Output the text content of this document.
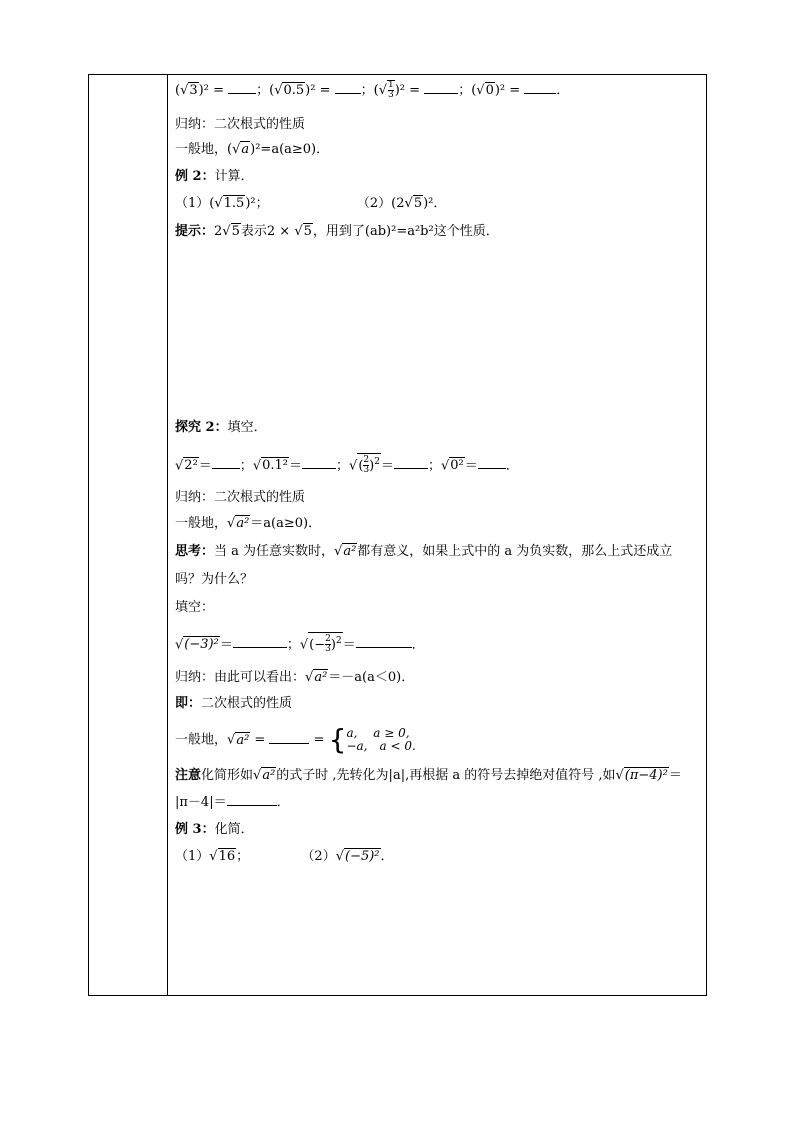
(√3)² = ；(√0.5)² = ；(√ $\frac{1}{3} )^2$ =	；(√0)² = ．
归纳：二次根式的性质
一般地，(√a)²=a(a≥0)．
例 2：计算．
（1）(√1.5)²；	（2）(2√5)²．
提示：2√5表示2 × √5，用到了(ab)²=a²b²这个性质．
探究 2：填空．
√2²＝ ；√0.1²＝	；√( $\frac{2}{3} )^2=$	；√0²＝ ．
归纳：二次根式的性质
一般地，√a²＝a(a≥0)．
思考：当 a 为任意实数时，√a²都有意义，如果上式中的 a 为负实数，那么上式还成立
吗？为什么？
填空：
√(−3)²＝	；√(− $\frac{2}{3} )^2=$	．
归纳：由此可以看出：√a²＝－a(a＜0)．
即：二次根式的性质
一般地，√a² =	= { a,　 a ≥ 0,
−a,　a < 0.
注意化简形如√a²的式子时 ,先转化为|a|,再根据 a 的符号去掉绝对值符号 ,如√(π−4)²＝
|π－4|＝	．
例 3：化简．
（1）√16；	（2）√(−5)²．
